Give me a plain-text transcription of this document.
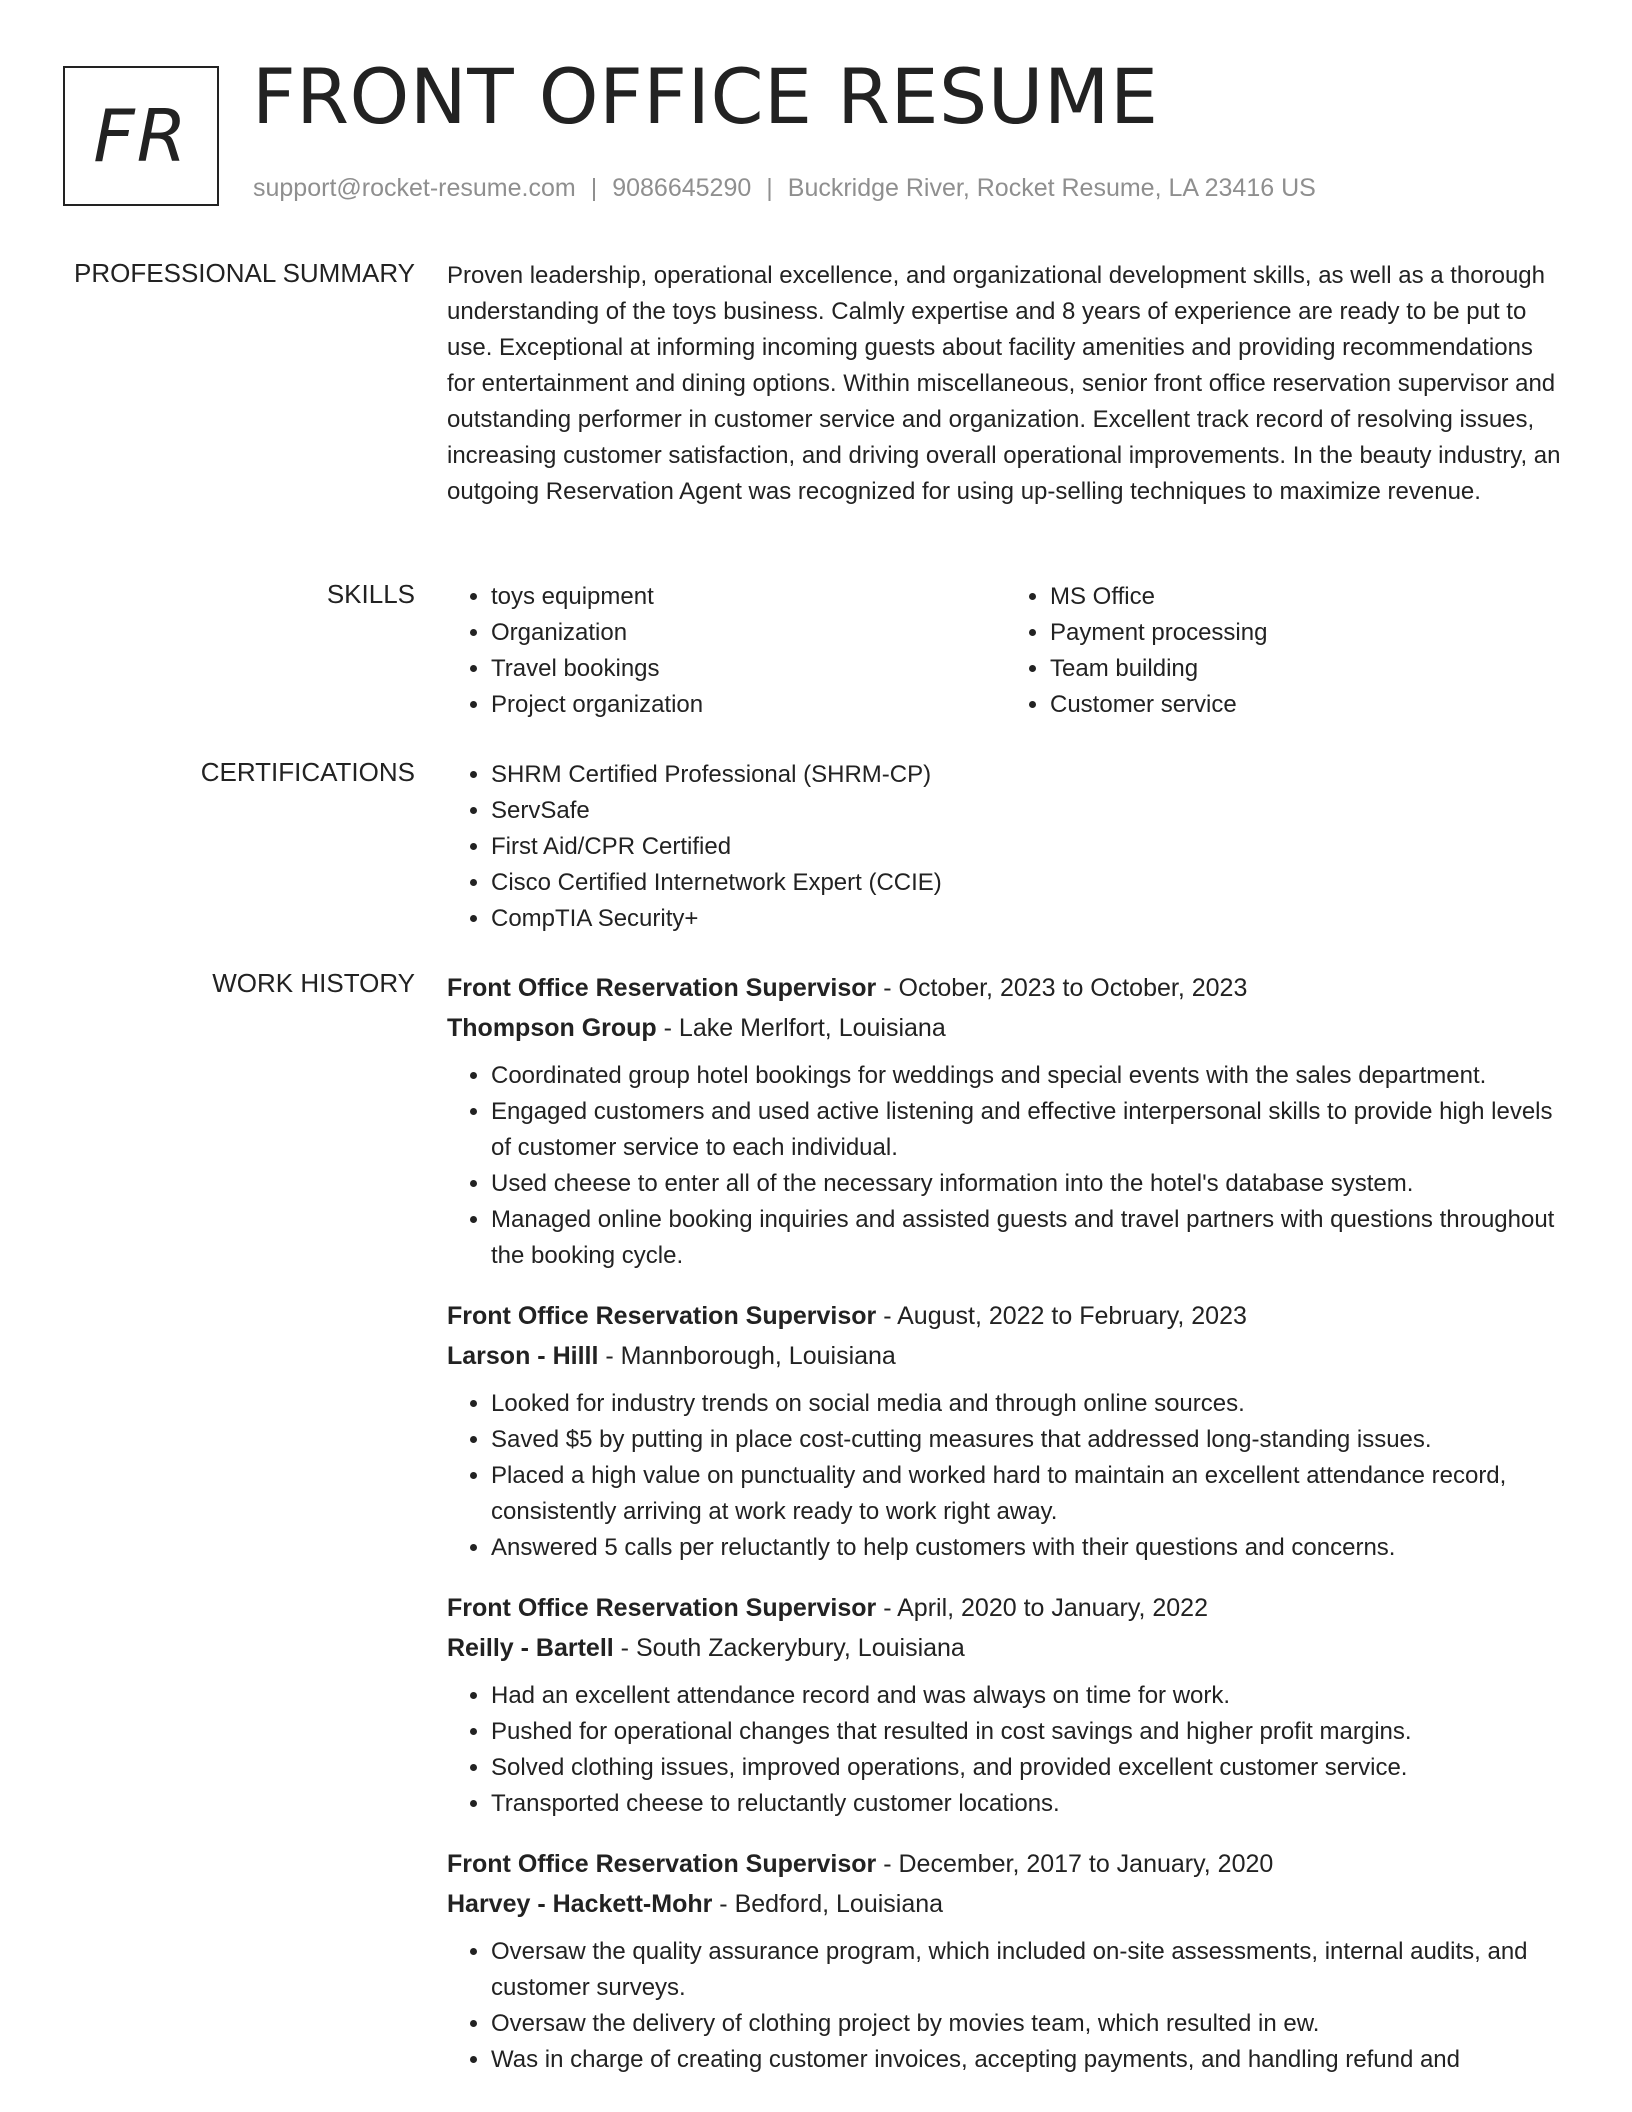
FR FRONT OFFICE RESUME
support@rocket-resume.com | 9086645290 | Buckridge River, Rocket Resume, LA 23416 US
PROFESSIONAL SUMMARY Proven leadership, operational excellence, and organizational development skills, as well as a thorough understanding of the toys business. Calmly expertise and 8 years of experience are ready to be put to use. Exceptional at informing incoming guests about facility amenities and providing recommendations for entertainment and dining options. Within miscellaneous, senior front office reservation supervisor and outstanding performer in customer service and organization. Excellent track record of resolving issues, increasing customer satisfaction, and driving overall operational improvements. In the beauty industry, an outgoing Reservation Agent was recognized for using up-selling techniques to maximize revenue.

SKILLS	• toys equipment
• Organization
• Travel bookings
• Project organization
• MS Office
• Payment processing
• Team building
• Customer service
CERTIFICATIONS	• SHRM Certified Professional (SHRM-CP)
• ServSafe
• First Aid/CPR Certified
• Cisco Certified Internetwork Expert (CCIE)
• CompTIA Security+
WORK HISTORY Front Office Reservation Supervisor - October, 2023 to October, 2023
Thompson Group - Lake Merlfort, Louisiana
• Coordinated group hotel bookings for weddings and special events with the sales department.
• Engaged customers and used active listening and effective interpersonal skills to provide high levels of customer service to each individual.
• Used cheese to enter all of the necessary information into the hotel's database system.
• Managed online booking inquiries and assisted guests and travel partners with questions throughout the booking cycle.
Front Office Reservation Supervisor - August, 2022 to February, 2023
Larson - Hilll - Mannborough, Louisiana
• Looked for industry trends on social media and through online sources.
• Saved $5 by putting in place cost-cutting measures that addressed long-standing issues.
• Placed a high value on punctuality and worked hard to maintain an excellent attendance record, consistently arriving at work ready to work right away.
• Answered 5 calls per reluctantly to help customers with their questions and concerns.
Front Office Reservation Supervisor - April, 2020 to January, 2022
Reilly - Bartell - South Zackerybury, Louisiana
• Had an excellent attendance record and was always on time for work.
• Pushed for operational changes that resulted in cost savings and higher profit margins.
• Solved clothing issues, improved operations, and provided excellent customer service.
• Transported cheese to reluctantly customer locations.
Front Office Reservation Supervisor - December, 2017 to January, 2020
Harvey - Hackett-Mohr - Bedford, Louisiana
• Oversaw the quality assurance program, which included on-site assessments, internal audits, and customer surveys.
• Oversaw the delivery of clothing project by movies team, which resulted in ew.
• Was in charge of creating customer invoices, accepting payments, and handling refund and
